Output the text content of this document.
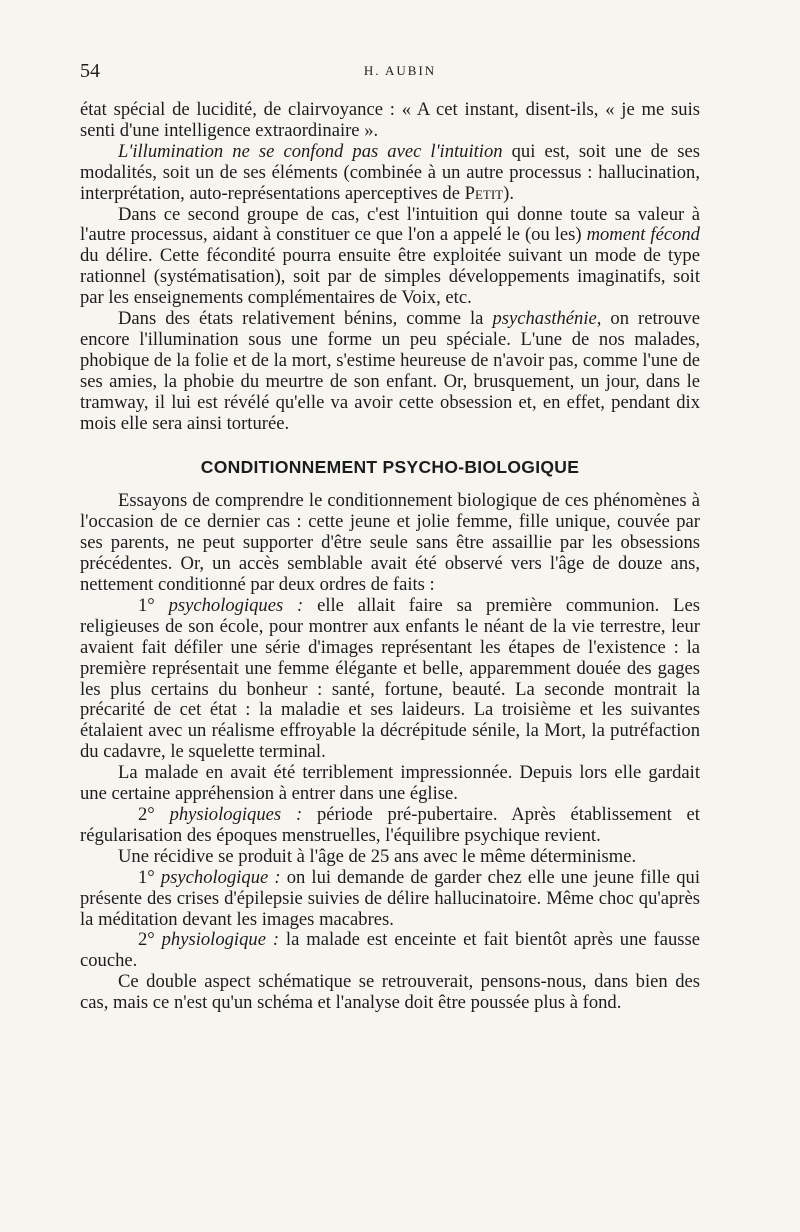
54	H. AUBIN

état spécial de lucidité, de clairvoyance : « A cet instant, disent-ils, « je me suis senti d'une intelligence extraordinaire ».

L'illumination ne se confond pas avec l'intuition qui est, soit une de ses modalités, soit un de ses éléments (combinée à un autre processus : hallucination, interprétation, auto-représentations aperceptives de Petit).

Dans ce second groupe de cas, c'est l'intuition qui donne toute sa valeur à l'autre processus, aidant à constituer ce que l'on a appelé le (ou les) moment fécond du délire. Cette fécondité pourra ensuite être exploitée suivant un mode de type rationnel (systématisation), soit par de simples développements imaginatifs, soit par les enseignements complémentaires de Voix, etc.

Dans des états relativement bénins, comme la psychasthénie, on retrouve encore l'illumination sous une forme un peu spéciale. L'une de nos malades, phobique de la folie et de la mort, s'estime heureuse de n'avoir pas, comme l'une de ses amies, la phobie du meurtre de son enfant. Or, brusquement, un jour, dans le tramway, il lui est révélé qu'elle va avoir cette obsession et, en effet, pendant dix mois elle sera ainsi torturée.

CONDITIONNEMENT PSYCHO-BIOLOGIQUE

Essayons de comprendre le conditionnement biologique de ces phénomènes à l'occasion de ce dernier cas : cette jeune et jolie femme, fille unique, couvée par ses parents, ne peut supporter d'être seule sans être assaillie par les obsessions précédentes. Or, un accès semblable avait été observé vers l'âge de douze ans, nettement conditionné par deux ordres de faits :

1° psychologiques : elle allait faire sa première communion. Les religieuses de son école, pour montrer aux enfants le néant de la vie terrestre, leur avaient fait défiler une série d'images représentant les étapes de l'existence : la première représentait une femme élégante et belle, apparemment douée des gages les plus certains du bonheur : santé, fortune, beauté. La seconde montrait la précarité de cet état : la maladie et ses laideurs. La troisième et les suivantes étalaient avec un réalisme effroyable la décrépitude sénile, la Mort, la putréfaction du cadavre, le squelette terminal.

La malade en avait été terriblement impressionnée. Depuis lors elle gardait une certaine appréhension à entrer dans une église.

2° physiologiques : période pré-pubertaire. Après établissement et régularisation des époques menstruelles, l'équilibre psychique revient.

Une récidive se produit à l'âge de 25 ans avec le même déterminisme.

1° psychologique : on lui demande de garder chez elle une jeune fille qui présente des crises d'épilepsie suivies de délire hallucinatoire. Même choc qu'après la méditation devant les images macabres.

2° physiologique : la malade est enceinte et fait bientôt après une fausse couche.

Ce double aspect schématique se retrouverait, pensons-nous, dans bien des cas, mais ce n'est qu'un schéma et l'analyse doit être poussée plus à fond.
